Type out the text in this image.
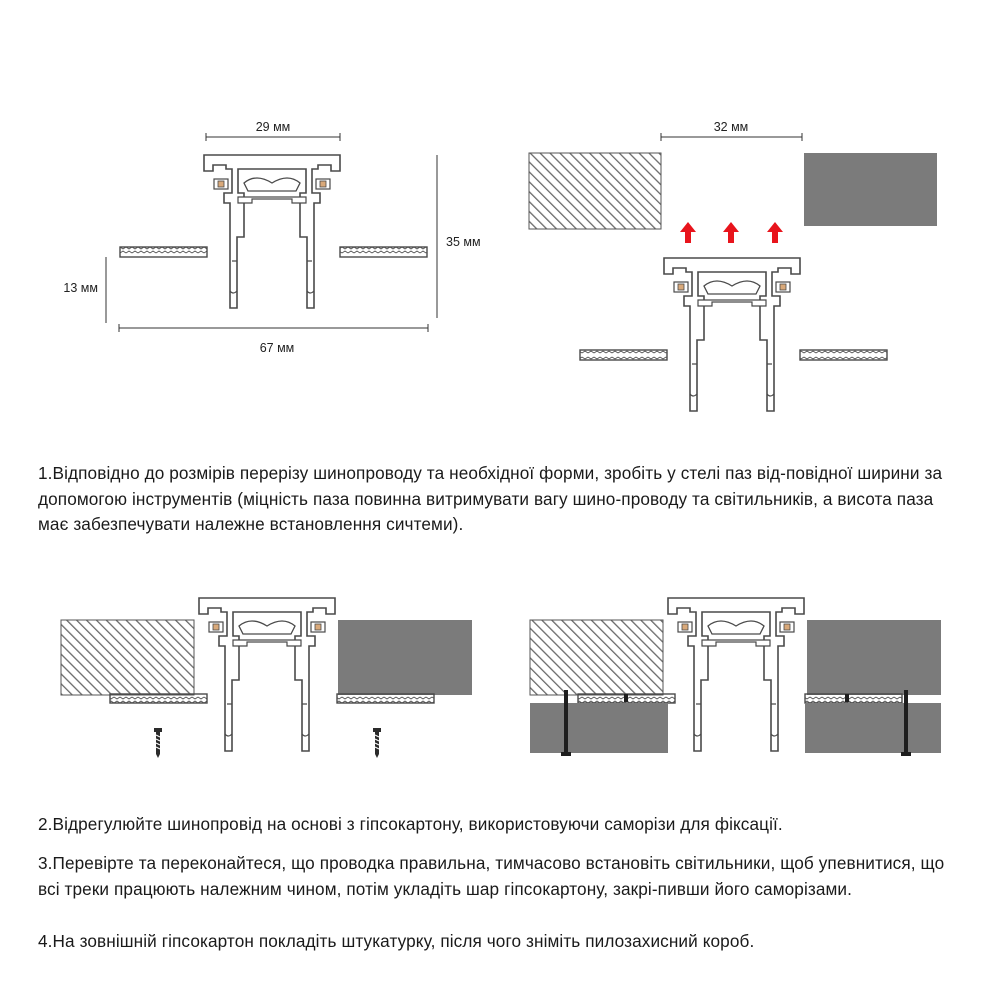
29 мм
35 мм
13 мм
67 мм
32 мм

1.Відповідно до розмірів перерізу шинопроводу та необхідної форми, зробіть у стелі паз від-повідної ширини за допомогою інструментів (міцність паза повинна витримувати вагу шино-проводу та світильників, а висота паза має забезпечувати належне встановлення сичтеми).

2.Відрегулюйте шинопровід на основі з гіпсокартону, використовуючи саморізи для фіксації.

3.Перевірте та переконайтеся, що проводка правильна, тимчасово встановіть світильники, щоб упевнитися, що всі треки працюють належним чином, потім укладіть шар гіпсокартону, закрі-пивши його саморізами.

4.На зовнішній гіпсокартон покладіть штукатурку, після чого зніміть пилозахисний короб.
